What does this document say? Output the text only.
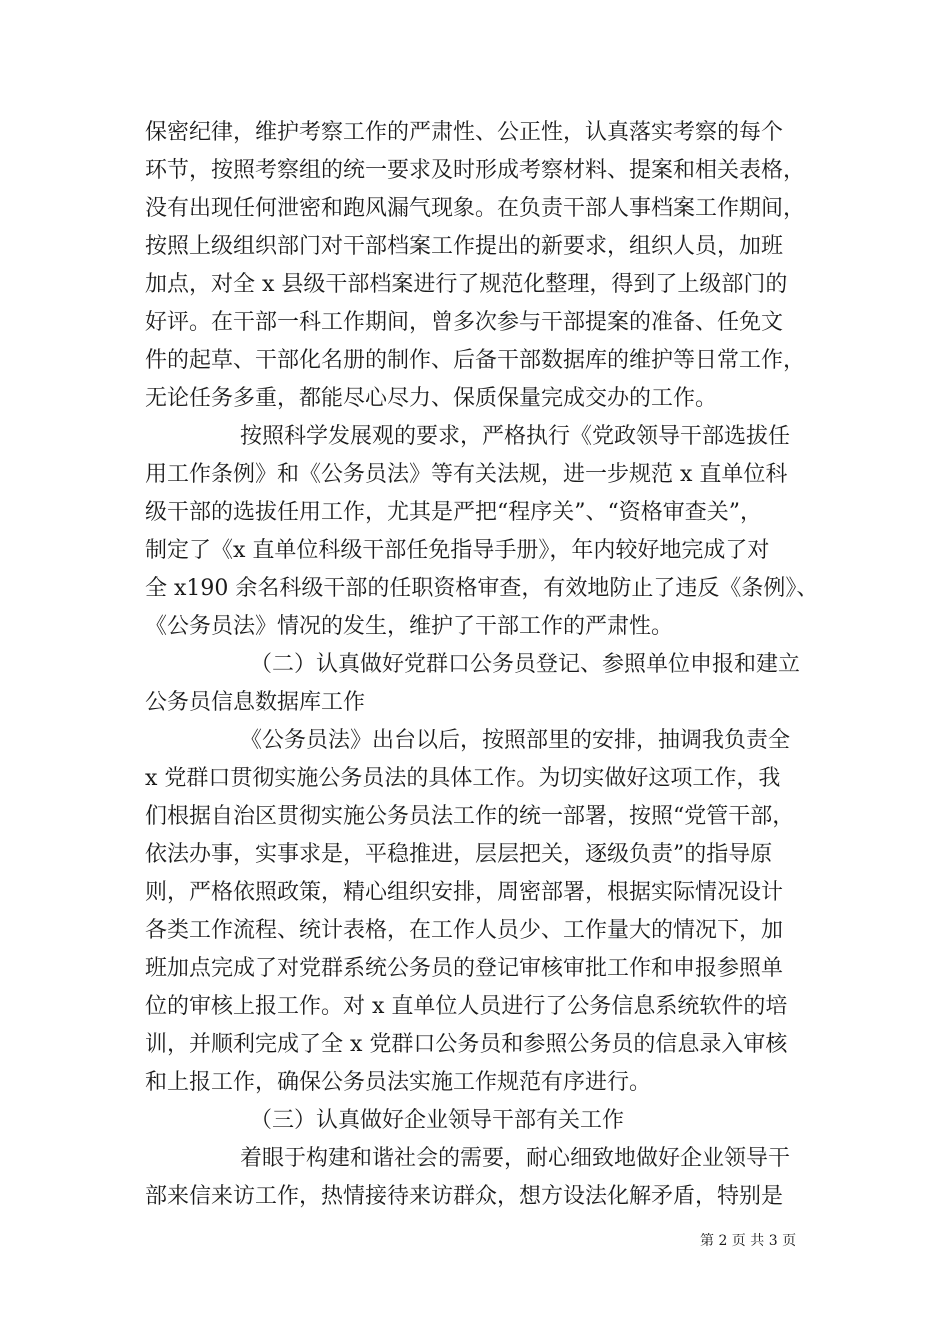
保密纪律，维护考察工作的严肃性、公正性，认真落实考察的每个
环节，按照考察组的统一要求及时形成考察材料、提案和相关表格，
没有出现任何泄密和跑风漏气现象。在负责干部人事档案工作期间，
按照上级组织部门对干部档案工作提出的新要求，组织人员，加班
加点，对全 x 县级干部档案进行了规范化整理，得到了上级部门的
好评。在干部一科工作期间，曾多次参与干部提案的准备、任免文
件的起草、干部化名册的制作、后备干部数据库的维护等日常工作，
无论任务多重，都能尽心尽力、保质保量完成交办的工作。
按照科学发展观的要求，严格执行《党政领导干部选拔任
用工作条例》和《公务员法》等有关法规，进一步规范 x 直单位科
级干部的选拔任用工作，尤其是严把“程序关”、“资格审查关”，
制定了《x 直单位科级干部任免指导手册》，年内较好地完成了对
全 x190 余名科级干部的任职资格审查，有效地防止了违反《条例》、
《公务员法》情况的发生，维护了干部工作的严肃性。
（二）认真做好党群口公务员登记、参照单位申报和建立
公务员信息数据库工作
《公务员法》出台以后，按照部里的安排，抽调我负责全
x 党群口贯彻实施公务员法的具体工作。为切实做好这项工作，我
们根据自治区贯彻实施公务员法工作的统一部署，按照“党管干部，
依法办事，实事求是，平稳推进，层层把关，逐级负责”的指导原
则，严格依照政策，精心组织安排，周密部署，根据实际情况设计
各类工作流程、统计表格，在工作人员少、工作量大的情况下，加
班加点完成了对党群系统公务员的登记审核审批工作和申报参照单
位的审核上报工作。对 x 直单位人员进行了公务信息系统软件的培
训，并顺利完成了全 x 党群口公务员和参照公务员的信息录入审核
和上报工作，确保公务员法实施工作规范有序进行。
（三）认真做好企业领导干部有关工作
着眼于构建和谐社会的需要，耐心细致地做好企业领导干
部来信来访工作，热情接待来访群众，想方设法化解矛盾，特别是
第 2 页 共 3 页
